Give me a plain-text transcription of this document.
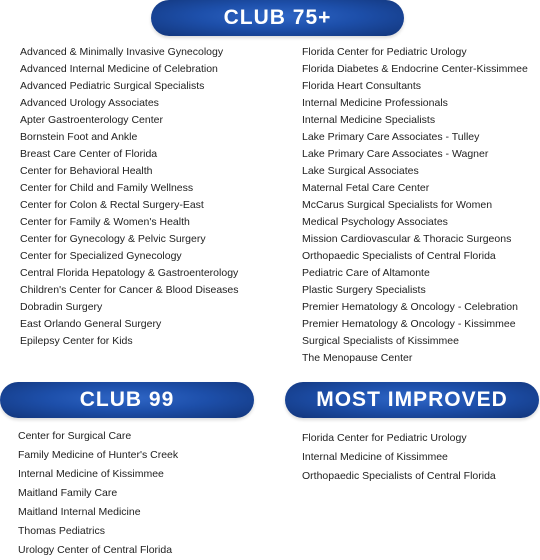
CLUB 75+
Advanced & Minimally Invasive Gynecology
Advanced Internal Medicine of Celebration
Advanced Pediatric Surgical Specialists
Advanced Urology Associates
Apter Gastroenterology Center
Bornstein Foot and Ankle
Breast Care Center of Florida
Center for Behavioral Health
Center for Child and Family Wellness
Center for Colon & Rectal Surgery-East
Center for Family & Women's Health
Center for Gynecology & Pelvic Surgery
Center for Specialized Gynecology
Central Florida Hepatology & Gastroenterology
Children's Center for Cancer & Blood Diseases
Dobradin Surgery
East Orlando General Surgery
Epilepsy Center for Kids
Florida Center for Pediatric Urology
Florida Diabetes & Endocrine Center-Kissimmee
Florida Heart Consultants
Internal Medicine Professionals
Internal Medicine Specialists
Lake Primary Care Associates - Tulley
Lake Primary Care Associates - Wagner
Lake Surgical Associates
Maternal Fetal Care Center
McCarus Surgical Specialists for Women
Medical Psychology Associates
Mission Cardiovascular & Thoracic Surgeons
Orthopaedic Specialists of Central Florida
Pediatric Care of Altamonte
Plastic Surgery Specialists
Premier Hematology & Oncology - Celebration
Premier Hematology & Oncology - Kissimmee
Surgical Specialists of Kissimmee
The Menopause Center
CLUB 99
Center for Surgical Care
Family Medicine of Hunter's Creek
Internal Medicine of Kissimmee
Maitland Family Care
Maitland Internal Medicine
Thomas Pediatrics
Urology Center of Central Florida
MOST IMPROVED
Florida Center for Pediatric Urology
Internal Medicine of Kissimmee
Orthopaedic Specialists of Central Florida
